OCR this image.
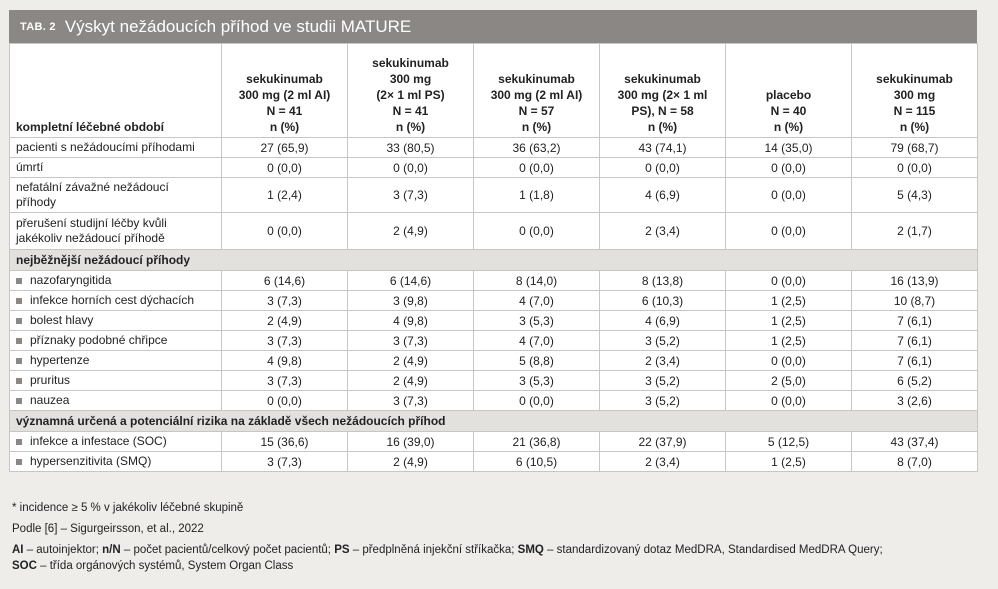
TAB. 2 Výskyt nežádoucích příhod ve studii MATURE
kompletní léčebné období	sekukinumab
300 mg (2 ml AI)
N = 41
n (%)	sekukinumab
300 mg
(2× 1 ml PS)
N = 41
n (%)	sekukinumab
300 mg (2 ml AI)
N = 57
n (%)	sekukinumab
300 mg (2× 1 ml
PS), N = 58
n (%)	placebo
N = 40
n (%)	sekukinumab
300 mg
N = 115
n (%)
pacienti s nežádoucími příhodami	27 (65,9)	33 (80,5)	36 (63,2)	43 (74,1)	14 (35,0)	79 (68,7)
úmrtí	0 (0,0)	0 (0,0)	0 (0,0)	0 (0,0)	0 (0,0)	0 (0,0)
nefatální závažné nežádoucí
příhody	1 (2,4)	3 (7,3)	1 (1,8)	4 (6,9)	0 (0,0)	5 (4,3)
přerušení studijní léčby kvůli
jakékoliv nežádoucí příhodě	0 (0,0)	2 (4,9)	0 (0,0)	2 (3,4)	0 (0,0)	2 (1,7)
nejběžnější nežádoucí příhody						
nazofaryngitida	6 (14,6)	6 (14,6)	8 (14,0)	8 (13,8)	0 (0,0)	16 (13,9)
infekce horních cest dýchacích	3 (7,3)	3 (9,8)	4 (7,0)	6 (10,3)	1 (2,5)	10 (8,7)
bolest hlavy	2 (4,9)	4 (9,8)	3 (5,3)	4 (6,9)	1 (2,5)	7 (6,1)
příznaky podobné chřipce	3 (7,3)	3 (7,3)	4 (7,0)	3 (5,2)	1 (2,5)	7 (6,1)
hypertenze	4 (9,8)	2 (4,9)	5 (8,8)	2 (3,4)	0 (0,0)	7 (6,1)
pruritus	3 (7,3)	2 (4,9)	3 (5,3)	3 (5,2)	2 (5,0)	6 (5,2)
nauzea	0 (0,0)	3 (7,3)	0 (0,0)	3 (5,2)	0 (0,0)	3 (2,6)
významná určená a potenciální rizika na základě všech nežádoucích příhod						
infekce a infestace (SOC)	15 (36,6)	16 (39,0)	21 (36,8)	22 (37,9)	5 (12,5)	43 (37,4)
hypersenzitivita (SMQ)	3 (7,3)	2 (4,9)	6 (10,5)	2 (3,4)	1 (2,5)	8 (7,0)

* incidence ≥ 5 % v jakékoliv léčebné skupině

Podle [6] – Sigurgeirsson, et al., 2022

AI – autoinjektor; n/N – počet pacientů/celkový počet pacientů; PS – předplněná injekční stříkačka; SMQ – standardizovaný dotaz MedDRA, Standardised MedDRA Query;

SOC – třída orgánových systémů, System Organ Class
